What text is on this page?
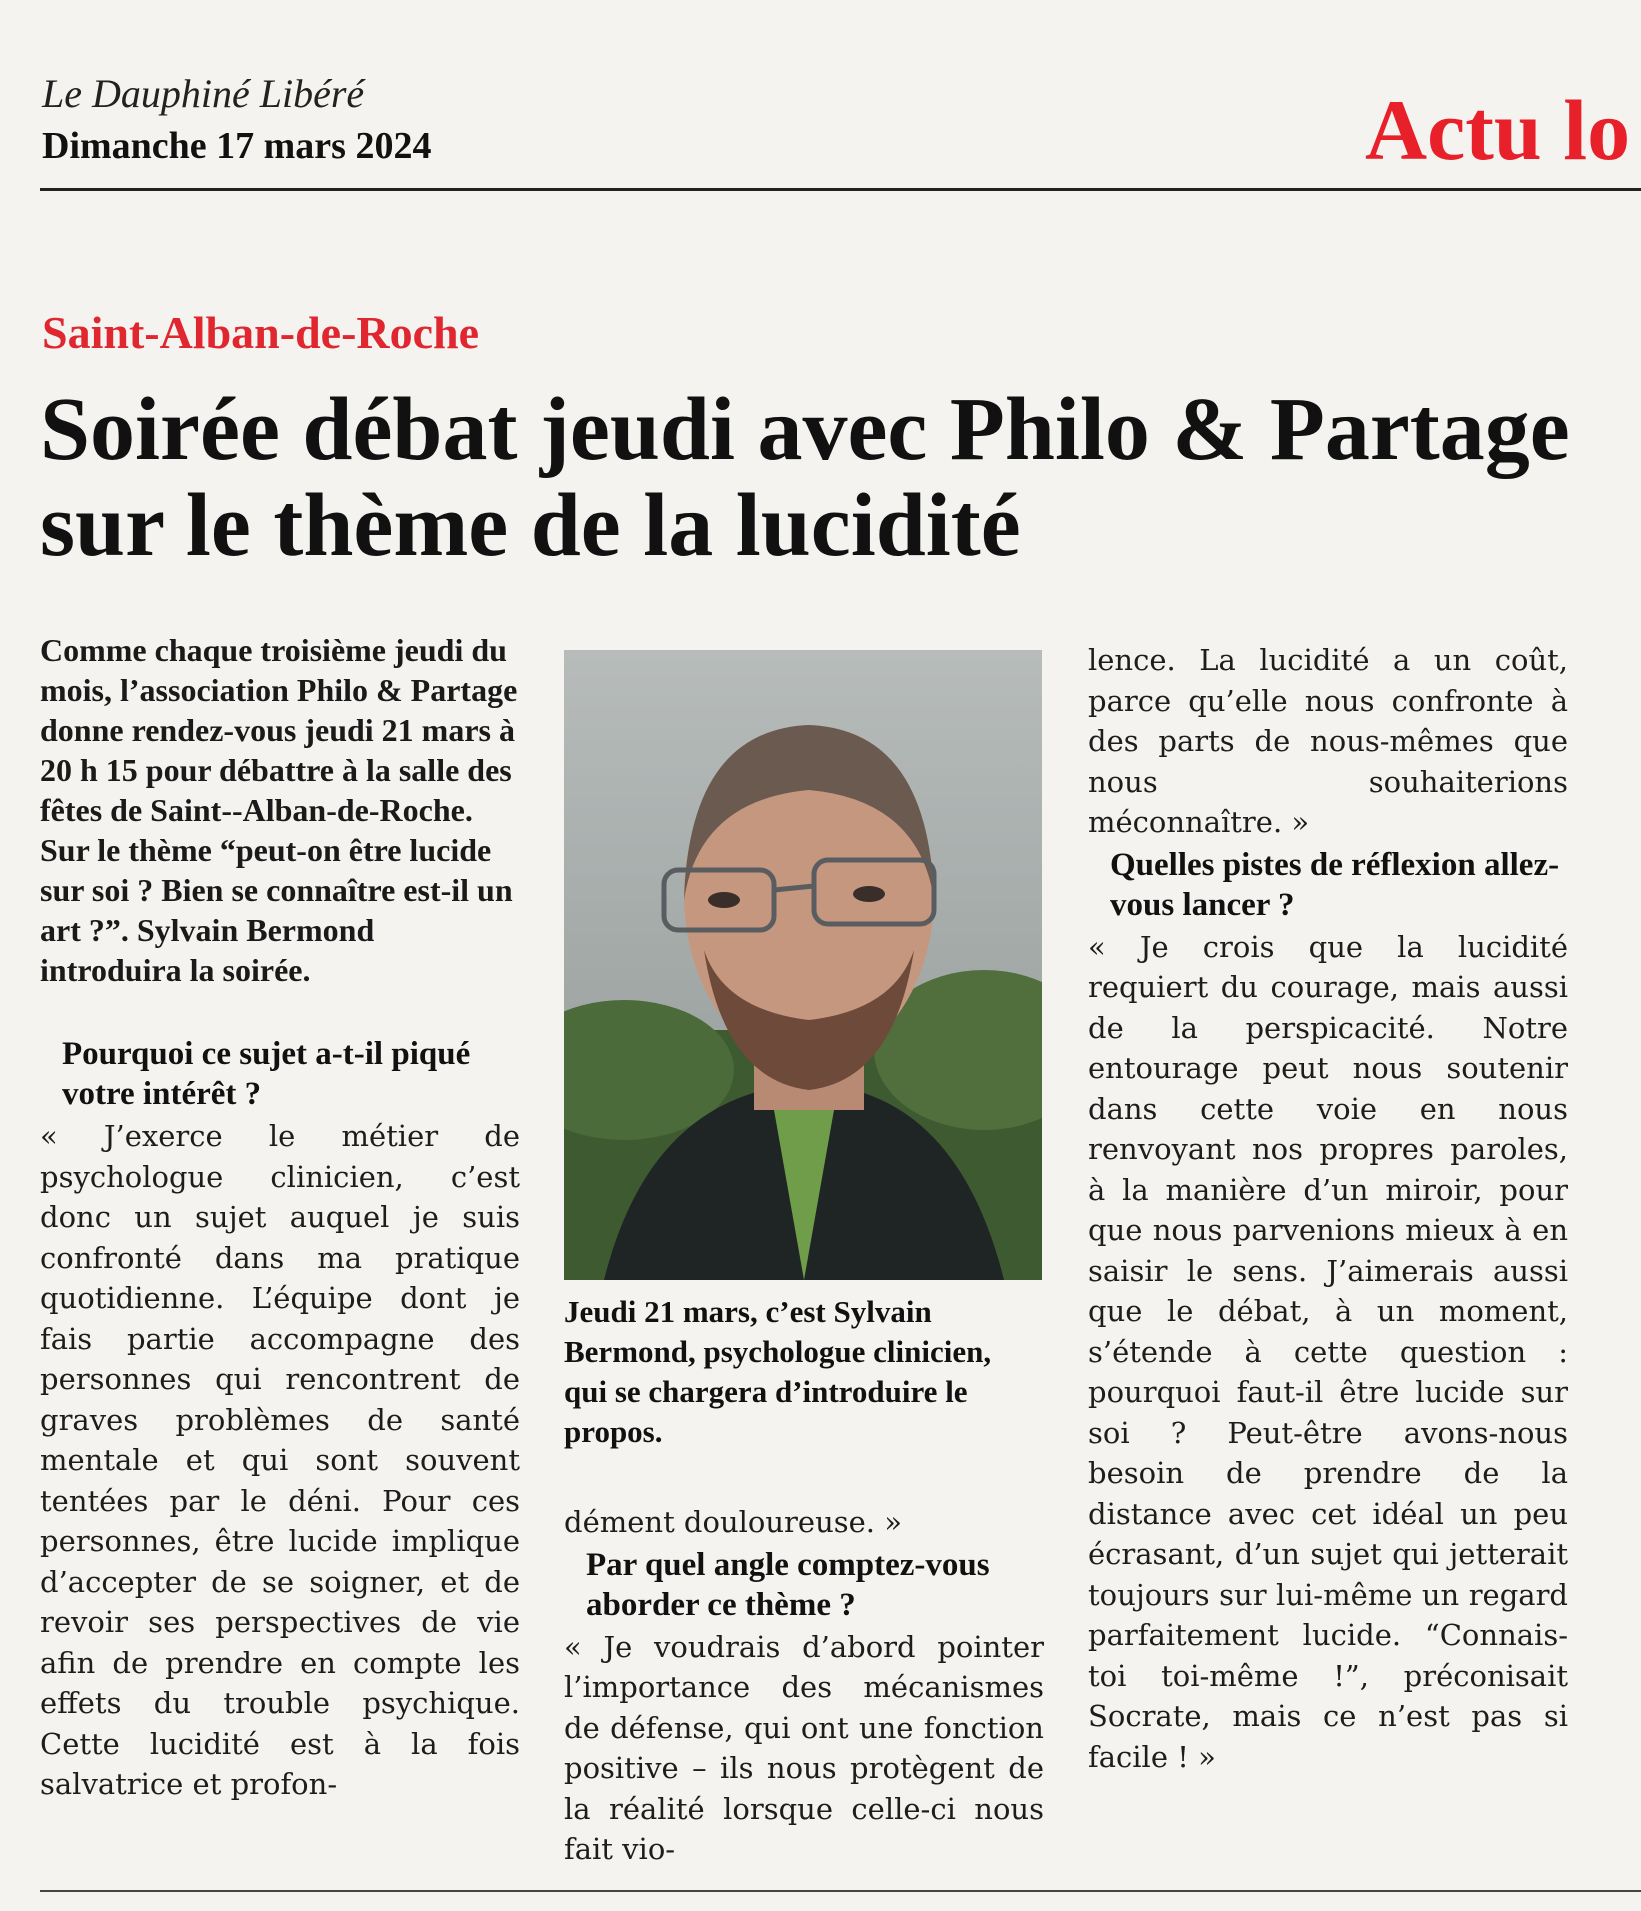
Le Dauphiné Libéré
Dimanche 17 mars 2024	Actu lo
Saint-Alban-de-Roche
Soirée débat jeudi avec Philo & Partage sur le thème de la lucidité

Comme chaque troisième jeudi du mois, l’association Philo & Partage donne rendez-vous jeudi 21 mars à 20 h 15 pour débattre à la salle des fêtes de Saint--Alban-de-Roche. Sur le thème “peut-on être lucide sur soi ? Bien se connaître est-il un art ?”. Sylvain Bermond introduira la soirée.

Pourquoi ce sujet a-t-il piqué votre intérêt ?

« J’exerce le métier de psychologue clinicien, c’est donc un sujet auquel je suis confronté dans ma pratique quotidienne. L’équipe dont je fais partie accompagne des personnes qui rencontrent de graves problèmes de santé mentale et qui sont souvent tentées par le déni. Pour ces personnes, être lucide implique d’accepter de se soigner, et de revoir ses perspectives de vie afin de prendre en compte les effets du trouble psychique. Cette lucidité est à la fois salvatrice et profon-

Jeudi 21 mars, c’est Sylvain Bermond, psychologue clinicien, qui se chargera d’introduire le propos.

dément douloureuse. »

Par quel angle comptez-vous aborder ce thème ?

« Je voudrais d’abord pointer l’importance des mécanismes de défense, qui ont une fonction positive – ils nous protègent de la réalité lorsque celle-ci nous fait vio-

lence. La lucidité a un coût, parce qu’elle nous confronte à des parts de nous-mêmes que nous souhaiterions méconnaître. »

Quelles pistes de réflexion allez-vous lancer ?

« Je crois que la lucidité requiert du courage, mais aussi de la perspicacité. Notre entourage peut nous soutenir dans cette voie en nous renvoyant nos propres paroles, à la manière d’un miroir, pour que nous parvenions mieux à en saisir le sens. J’aimerais aussi que le débat, à un moment, s’étende à cette question : pourquoi faut-il être lucide sur soi ? Peut-être avons-nous besoin de prendre de la distance avec cet idéal un peu écrasant, d’un sujet qui jetterait toujours sur lui-même un regard parfaitement lucide. “Connais-toi toi-même !”, préconisait Socrate, mais ce n’est pas si facile ! »
